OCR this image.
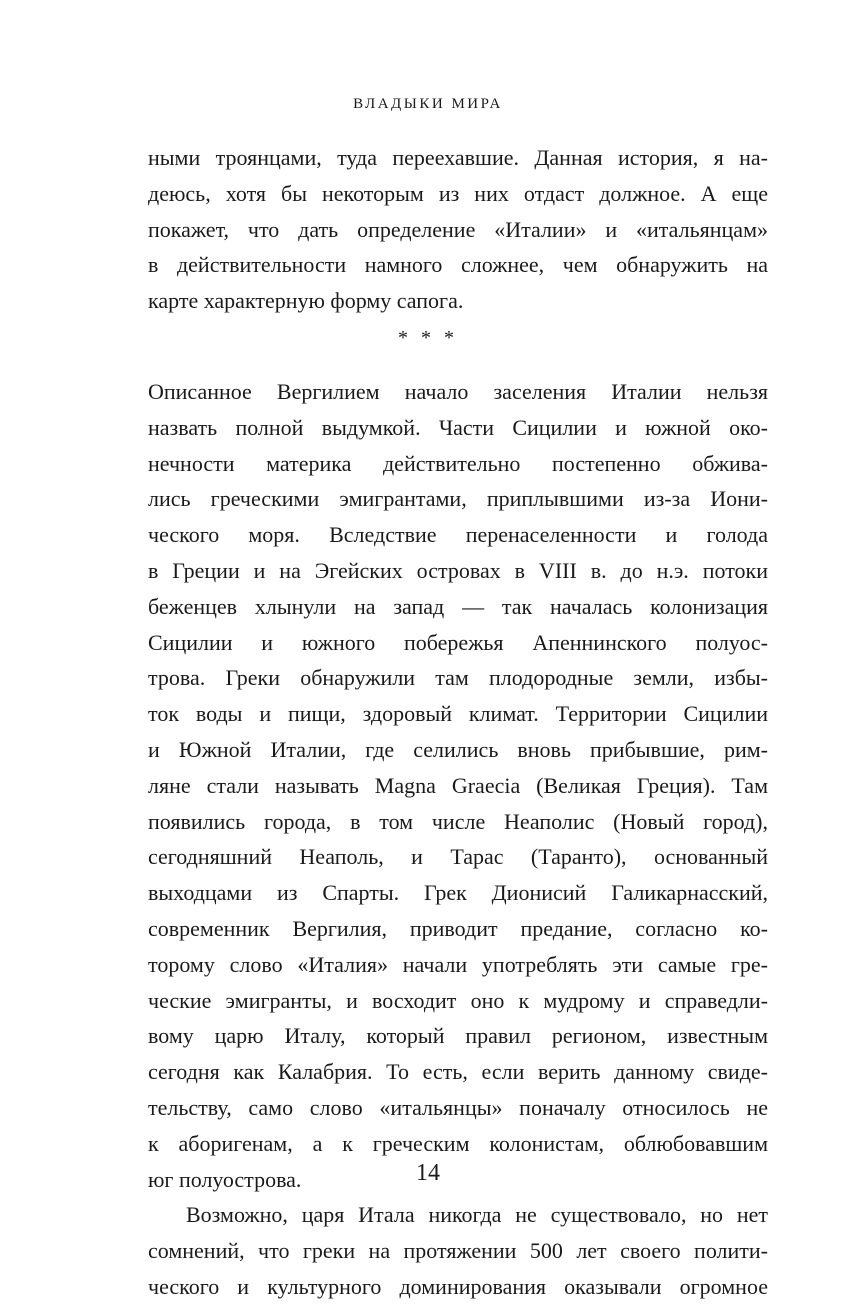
ВЛАДЫКИ МИРА
ными троянцами, туда переехавшие. Данная история, я на-
деюсь, хотя бы некоторым из них отдаст должное. А еще
покажет, что дать определение «Италии» и «итальянцам»
в действительности намного сложнее, чем обнаружить на
карте характерную форму сапога.
* * *
Описанное Вергилием начало заселения Италии нельзя
назвать полной выдумкой. Части Сицилии и южной око-
нечности материка действительно постепенно обжива-
лись греческими эмигрантами, приплывшими из-за Иони-
ческого моря. Вследствие перенаселенности и голода
в Греции и на Эгейских островах в VIII в. до н.э. потоки
беженцев хлынули на запад — так началась колонизация
Сицилии и южного побережья Апеннинского полуос-
трова. Греки обнаружили там плодородные земли, избы-
ток воды и пищи, здоровый климат. Территории Сицилии
и Южной Италии, где селились вновь прибывшие, рим-
ляне стали называть Magna Graecia (Великая Греция). Там
появились города, в том числе Неаполис (Новый город),
сегодняшний Неаполь, и Тарас (Таранто), основанный
выходцами из Спарты. Грек Дионисий Галикарнасский,
современник Вергилия, приводит предание, согласно ко-
торому слово «Италия» начали употреблять эти самые гре-
ческие эмигранты, и восходит оно к мудрому и справедли-
вому царю Италу, который правил регионом, известным
сегодня как Калабрия. То есть, если верить данному свиде-
тельству, само слово «итальянцы» поначалу относилось не
к аборигенам, а к греческим колонистам, облюбовавшим
юг полуострова.
Возможно, царя Итала никогда не существовало, но нет
сомнений, что греки на протяжении 500 лет своего полити-
ческого и культурного доминирования оказывали огромное
14
